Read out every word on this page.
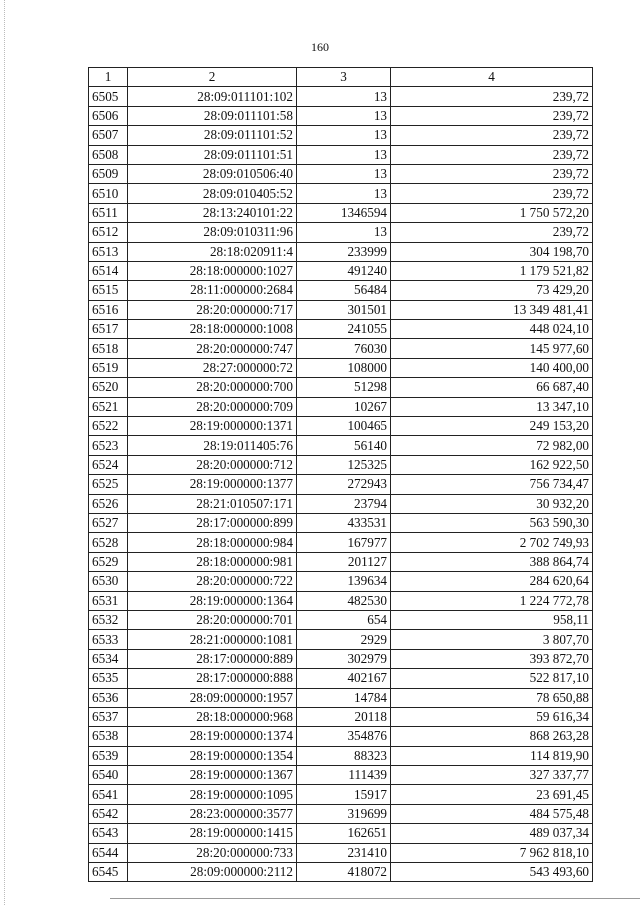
160
1	2	3	4
6505	28:09:011101:102	13	239,72
6506	28:09:011101:58	13	239,72
6507	28:09:011101:52	13	239,72
6508	28:09:011101:51	13	239,72
6509	28:09:010506:40	13	239,72
6510	28:09:010405:52	13	239,72
6511	28:13:240101:22	1346594	1 750 572,20
6512	28:09:010311:96	13	239,72
6513	28:18:020911:4	233999	304 198,70
6514	28:18:000000:1027	491240	1 179 521,82
6515	28:11:000000:2684	56484	73 429,20
6516	28:20:000000:717	301501	13 349 481,41
6517	28:18:000000:1008	241055	448 024,10
6518	28:20:000000:747	76030	145 977,60
6519	28:27:000000:72	108000	140 400,00
6520	28:20:000000:700	51298	66 687,40
6521	28:20:000000:709	10267	13 347,10
6522	28:19:000000:1371	100465	249 153,20
6523	28:19:011405:76	56140	72 982,00
6524	28:20:000000:712	125325	162 922,50
6525	28:19:000000:1377	272943	756 734,47
6526	28:21:010507:171	23794	30 932,20
6527	28:17:000000:899	433531	563 590,30
6528	28:18:000000:984	167977	2 702 749,93
6529	28:18:000000:981	201127	388 864,74
6530	28:20:000000:722	139634	284 620,64
6531	28:19:000000:1364	482530	1 224 772,78
6532	28:20:000000:701	654	958,11
6533	28:21:000000:1081	2929	3 807,70
6534	28:17:000000:889	302979	393 872,70
6535	28:17:000000:888	402167	522 817,10
6536	28:09:000000:1957	14784	78 650,88
6537	28:18:000000:968	20118	59 616,34
6538	28:19:000000:1374	354876	868 263,28
6539	28:19:000000:1354	88323	114 819,90
6540	28:19:000000:1367	111439	327 337,77
6541	28:19:000000:1095	15917	23 691,45
6542	28:23:000000:3577	319699	484 575,48
6543	28:19:000000:1415	162651	489 037,34
6544	28:20:000000:733	231410	7 962 818,10
6545	28:09:000000:2112	418072	543 493,60
